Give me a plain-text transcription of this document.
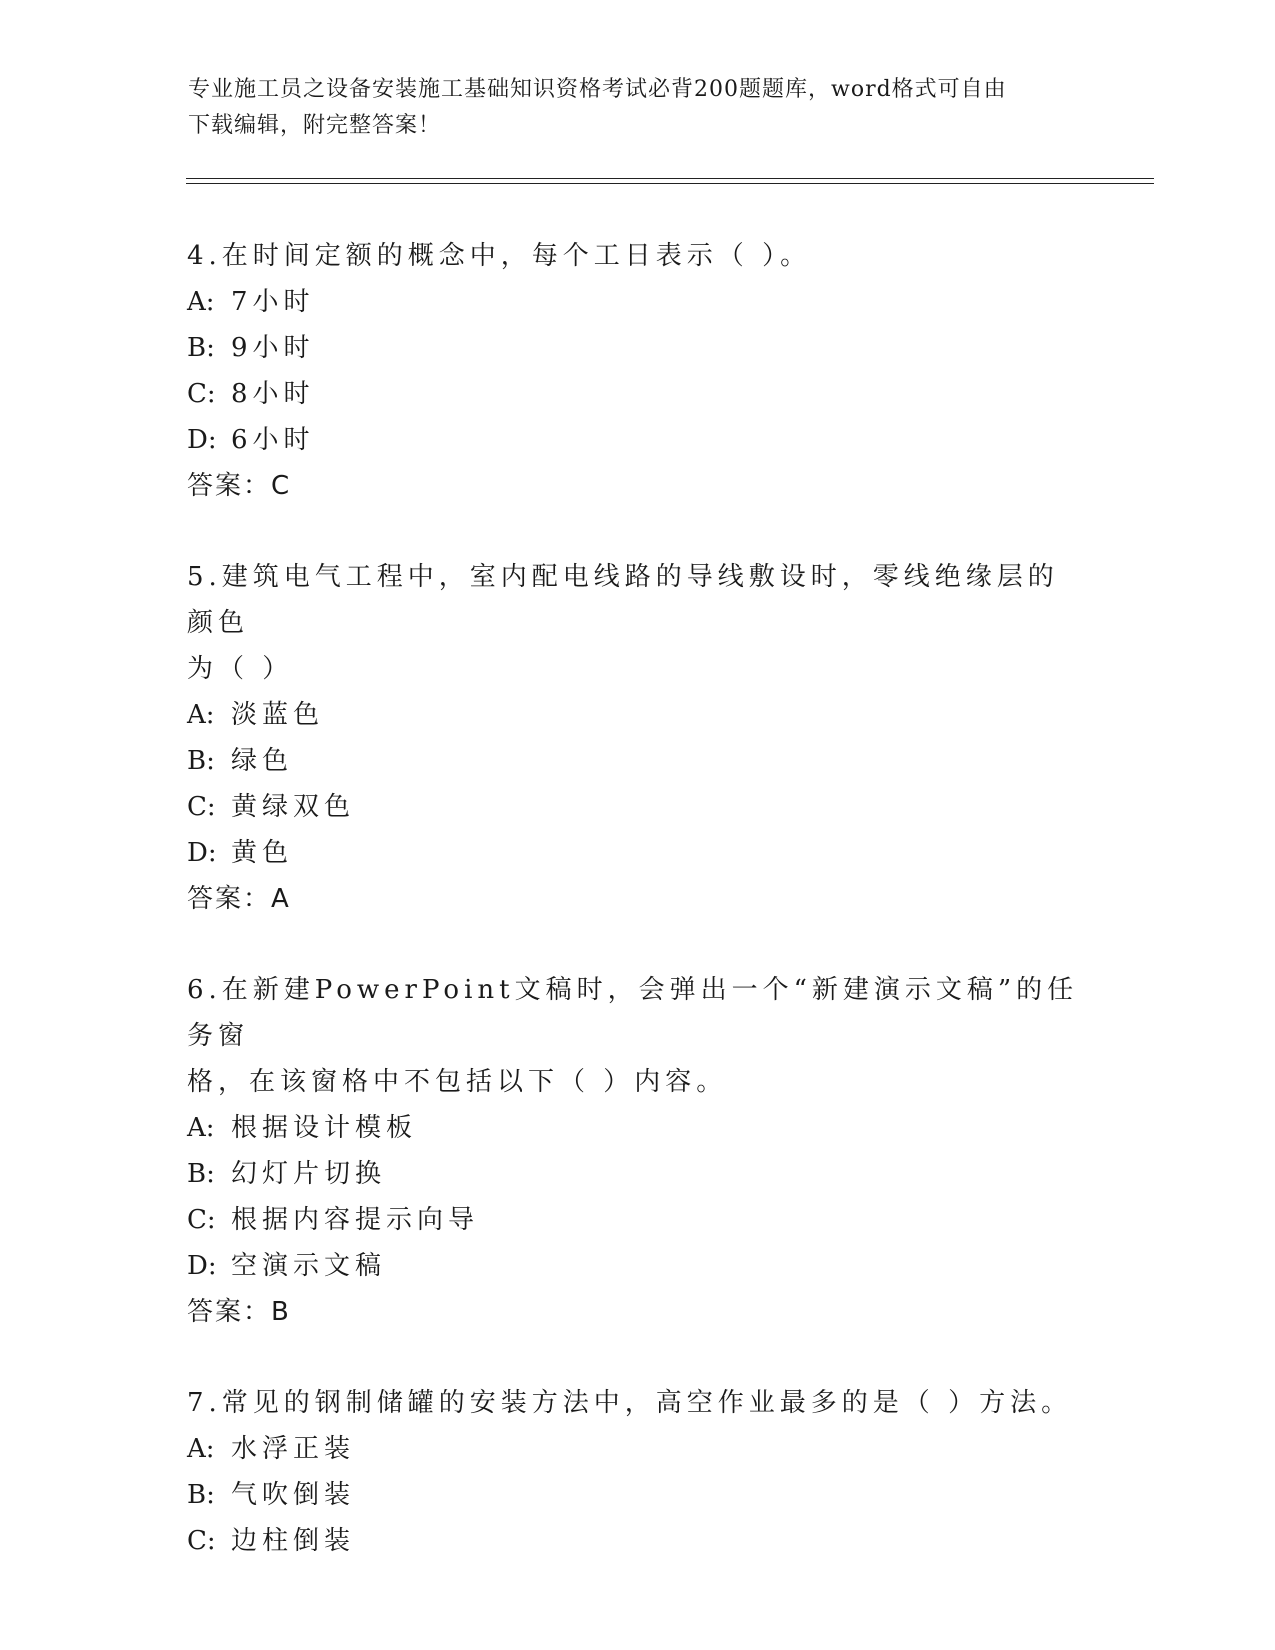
专业施工员之设备安装施工基础知识资格考试必背200题题库，word格式可自由
下载编辑，附完整答案！
4.在时间定额的概念中，每个工日表示（ ）。
A: 7小时
B: 9小时
C: 8小时
D: 6小时
答案：C
5.建筑电气工程中，室内配电线路的导线敷设时，零线绝缘层的颜色
为（ ）
A: 淡蓝色
B: 绿色
C: 黄绿双色
D: 黄色
答案：A
6.在新建PowerPoint文稿时，会弹出一个“新建演示文稿”的任务窗
格，在该窗格中不包括以下（ ）内容。
A: 根据设计模板
B: 幻灯片切换
C: 根据内容提示向导
D: 空演示文稿
答案：B
7.常见的钢制储罐的安装方法中，高空作业最多的是（ ）方法。
A: 水浮正装
B: 气吹倒装
C: 边柱倒装
